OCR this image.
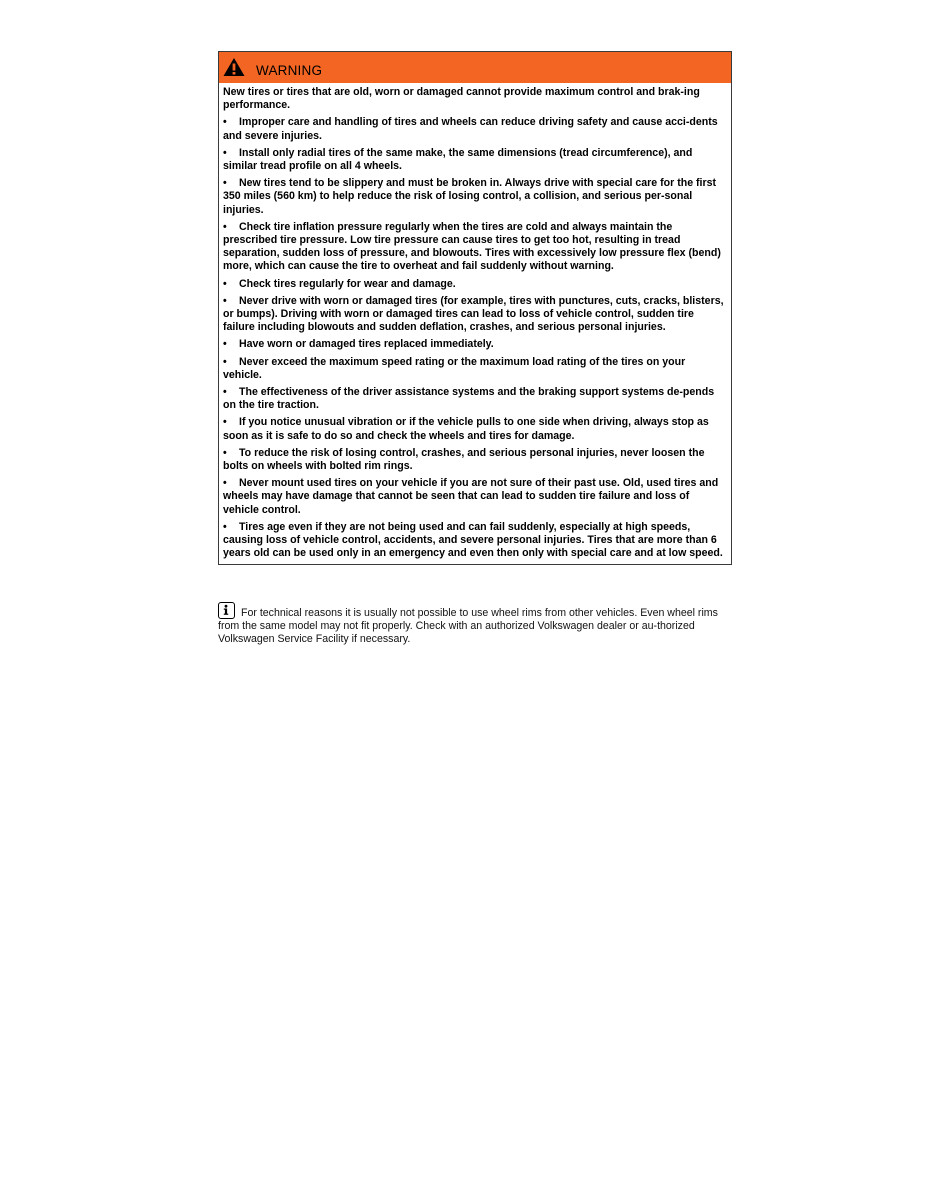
WARNING

New tires or tires that are old, worn or damaged cannot provide maximum control and brak-ing performance.

• Improper care and handling of tires and wheels can reduce driving safety and cause acci-dents and severe injuries.
• Install only radial tires of the same make, the same dimensions (tread circumference), and similar tread profile on all 4 wheels.
• New tires tend to be slippery and must be broken in. Always drive with special care for the first 350 miles (560 km) to help reduce the risk of losing control, a collision, and serious per-sonal injuries.
• Check tire inflation pressure regularly when the tires are cold and always maintain the prescribed tire pressure. Low tire pressure can cause tires to get too hot, resulting in tread separation, sudden loss of pressure, and blowouts. Tires with excessively low pressure flex (bend) more, which can cause the tire to overheat and fail suddenly without warning.
• Check tires regularly for wear and damage.
• Never drive with worn or damaged tires (for example, tires with punctures, cuts, cracks, blisters, or bumps). Driving with worn or damaged tires can lead to loss of vehicle control, sudden tire failure including blowouts and sudden deflation, crashes, and serious personal injuries.
• Have worn or damaged tires replaced immediately.
• Never exceed the maximum speed rating or the maximum load rating of the tires on your vehicle.
• The effectiveness of the driver assistance systems and the braking support systems de-pends on the tire traction.
• If you notice unusual vibration or if the vehicle pulls to one side when driving, always stop as soon as it is safe to do so and check the wheels and tires for damage.
• To reduce the risk of losing control, crashes, and serious personal injuries, never loosen the bolts on wheels with bolted rim rings.
• Never mount used tires on your vehicle if you are not sure of their past use. Old, used tires and wheels may have damage that cannot be seen that can lead to sudden tire failure and loss of vehicle control.
• Tires age even if they are not being used and can fail suddenly, especially at high speeds, causing loss of vehicle control, accidents, and severe personal injuries. Tires that are more than 6 years old can be used only in an emergency and even then only with special care and at low speed.
For technical reasons it is usually not possible to use wheel rims from other vehicles. Even wheel rims from the same model may not fit properly. Check with an authorized Volkswagen dealer or au-thorized Volkswagen Service Facility if necessary.
